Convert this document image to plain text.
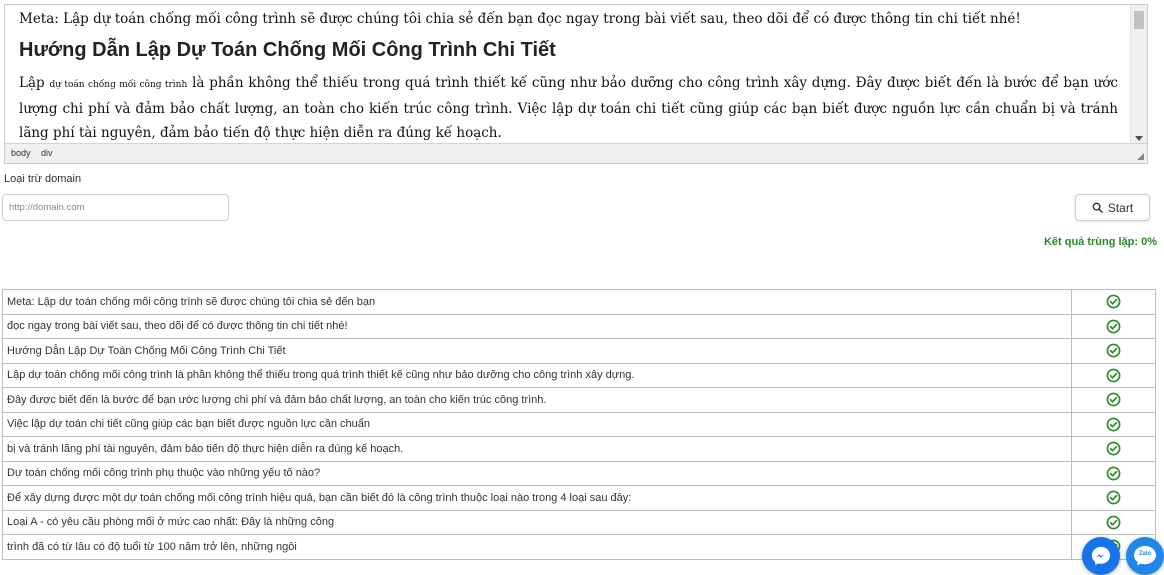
Meta: Lập dự toán chống mối công trình sẽ được chúng tôi chia sẻ đến bạn đọc ngay trong bài viết sau, theo dõi để có được thông tin chi tiết nhé!

Hướng Dẫn Lập Dự Toán Chống Mối Công Trình Chi Tiết

Lập dự toán chống mối công trình là phần không thể thiếu trong quá trình thiết kế cũng như bảo dưỡng cho công trình xây dựng. Đây được biết đến là bước để bạn ước lượng chi phí và đảm bảo chất lượng, an toàn cho kiến trúc công trình. Việc lập dự toán chi tiết cũng giúp các bạn biết được nguồn lực cần chuẩn bị và tránh lãng phí tài nguyên, đảm bảo tiến độ thực hiện diễn ra đúng kế hoạch.

body div
Loại trừ domain
http://domain.com
Start
Kết quả trùng lặp: 0%
Meta: Lập dự toán chống mối công trình sẽ được chúng tôi chia sẻ đến bạn	
đọc ngay trong bài viết sau, theo dõi để có được thông tin chi tiết nhé!	
Hướng Dẫn Lập Dự Toán Chống Mối Công Trình Chi Tiết	
Lập dự toán chống mối công trình là phần không thể thiếu trong quá trình thiết kế cũng như bảo dưỡng cho công trình xây dựng.	
Đây được biết đến là bước để bạn ước lượng chi phí và đảm bảo chất lượng, an toàn cho kiến trúc công trình.	
Việc lập dự toán chi tiết cũng giúp các bạn biết được nguồn lực cần chuẩn	
bị và tránh lãng phí tài nguyên, đảm bảo tiến độ thực hiện diễn ra đúng kế hoạch.	
Dự toán chống mối công trình phụ thuộc vào những yếu tố nào?	
Để xây dựng được một dự toán chống mối công trình hiệu quả, bạn cần biết đó là công trình thuộc loại nào trong 4 loại sau đây:	
Loại A - có yêu cầu phòng mối ở mức cao nhất: Đây là những công	
trình đã có từ lâu có độ tuổi từ 100 năm trở lên, những ngôi	
Zalo
